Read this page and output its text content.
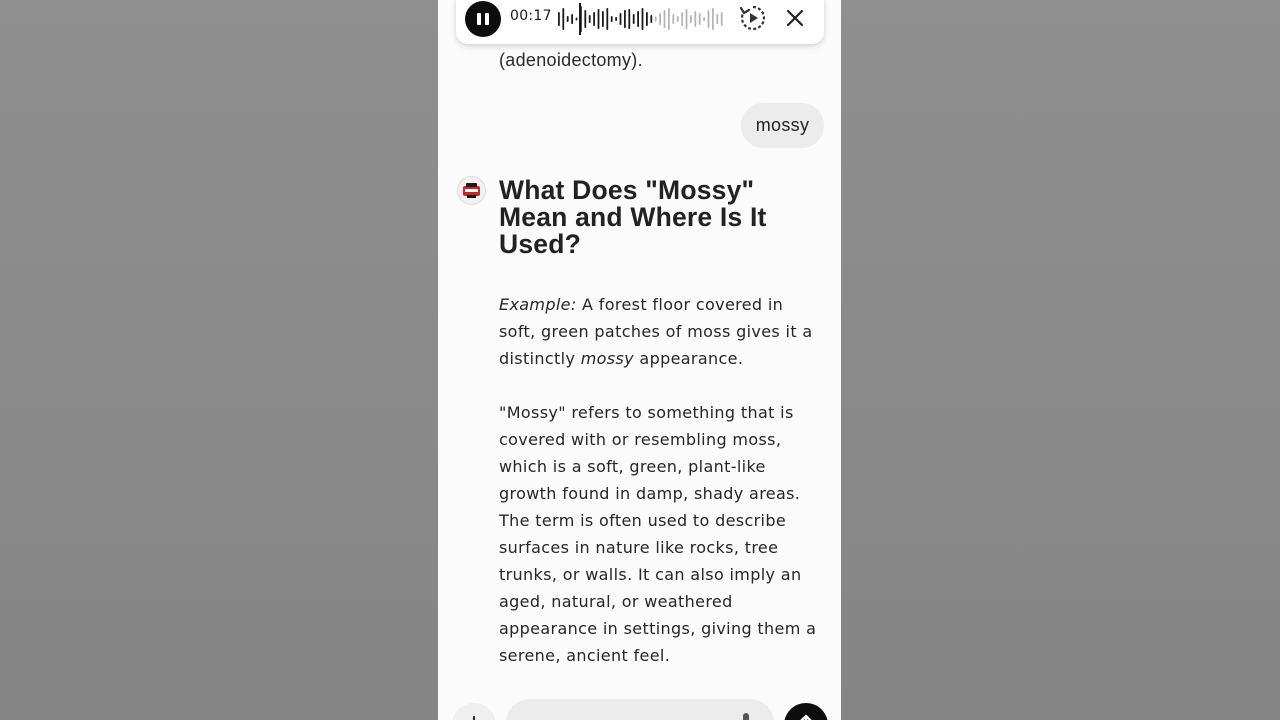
00:17
(adenoidectomy).
mossy
What Does "Mossy" Mean and Where Is It Used?

Example: A forest floor covered in soft, green patches of moss gives it a distinctly mossy appearance.

"Mossy" refers to something that is covered with or resembling moss, which is a soft, green, plant-like growth found in damp, shady areas. The term is often used to describe surfaces in nature like rocks, tree trunks, or walls. It can also imply an aged, natural, or weathered appearance in settings, giving them a serene, ancient feel.
